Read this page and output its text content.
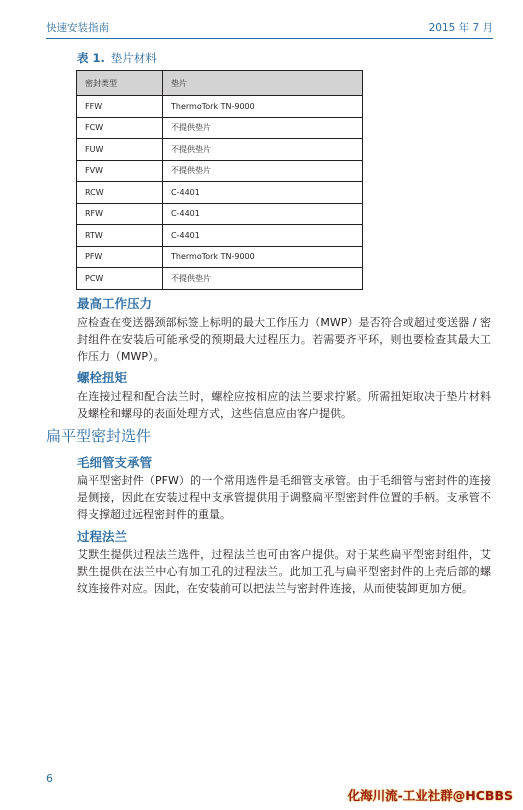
快速安装指南	2015 年 7 月
表 1. 垫片材料
密封类型	垫片
FFW	ThermoTork TN-9000
FCW	不提供垫片
FUW	不提供垫片
FVW	不提供垫片
RCW	C-4401
RFW	C-4401
RTW	C-4401
PFW	ThermoTork TN-9000
PCW	不提供垫片
最高工作压力
应检查在变送器颈部标签上标明的最大工作压力（MWP）是否符合或超过变送器 / 密封组件在安装后可能承受的预期最大过程压力。若需要齐平环，则也要检查其最大工作压力（MWP）。
螺栓扭矩
在连接过程和配合法兰时，螺栓应按相应的法兰要求拧紧。所需扭矩取决于垫片材料及螺栓和螺母的表面处理方式，这些信息应由客户提供。
扁平型密封选件
毛细管支承管
扁平型密封件（PFW）的一个常用选件是毛细管支承管。由于毛细管与密封件的连接是侧接，因此在安装过程中支承管提供用于调整扁平型密封件位置的手柄。支承管不得支撑超过远程密封件的重量。
过程法兰
艾默生提供过程法兰选件，过程法兰也可由客户提供。对于某些扁平型密封组件，艾默生提供在法兰中心有加工孔的过程法兰。此加工孔与扁平型密封件的上壳后部的螺纹连接件对应。因此，在安装前可以把法兰与密封件连接，从而使装卸更加方便。
6
化海川流-工业社群@HCBBS
